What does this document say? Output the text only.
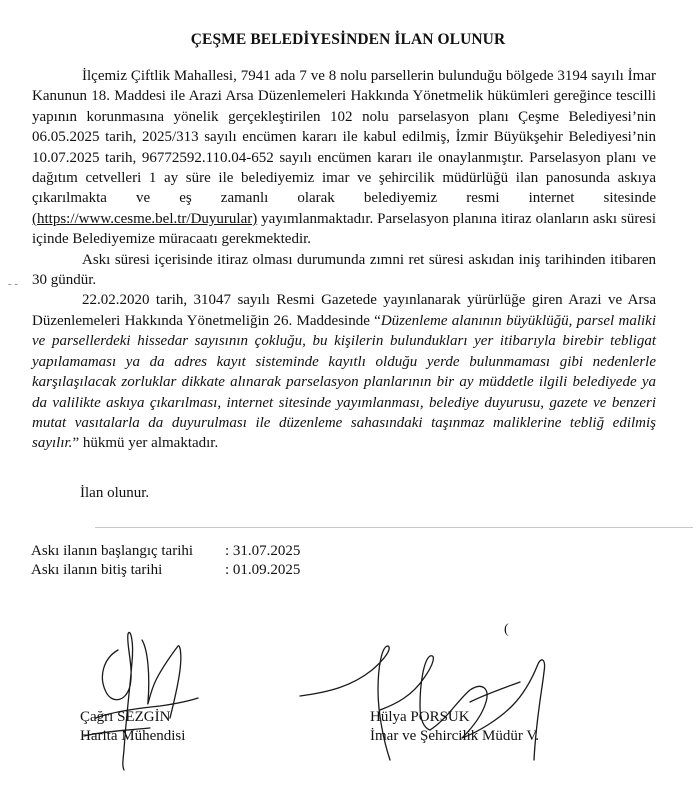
ÇEŞME BELEDİYESİNDEN İLAN OLUNUR
- -

İlçemiz Çiftlik Mahallesi, 7941 ada 7 ve 8 nolu parsellerin bulunduğu bölgede 3194 sayılı İmar Kanunun 18. Maddesi ile Arazi Arsa Düzenlemeleri Hakkında Yönetmelik hükümleri gereğince tescilli yapının korunmasına yönelik gerçekleştirilen 102 nolu parselasyon planı Çeşme Belediyesi’nin 06.05.2025 tarih, 2025/313 sayılı encümen kararı ile kabul edilmiş, İzmir Büyükşehir Belediyesi’nin 10.07.2025 tarih, 96772592.110.04-652 sayılı encümen kararı ile onaylanmıştır. Parselasyon planı ve dağıtım cetvelleri 1 ay süre ile belediyemiz imar ve şehircilik müdürlüğü ilan panosunda askıya çıkarılmakta ve eş zamanlı olarak belediyemiz resmi internet sitesinde (https://www.cesme.bel.tr/Duyurular) yayımlanmaktadır. Parselasyon planına itiraz olanların askı süresi içinde Belediyemize müracaatı gerekmektedir.

Askı süresi içerisinde itiraz olması durumunda zımni ret süresi askıdan iniş tarihinden itibaren 30 gündür.

22.02.2020 tarih, 31047 sayılı Resmi Gazetede yayınlanarak yürürlüğe giren Arazi ve Arsa Düzenlemeleri Hakkında Yönetmeliğin 26. Maddesinde “Düzenleme alanının büyüklüğü, parsel maliki ve parsellerdeki hissedar sayısının çokluğu, bu kişilerin bulundukları yer itibarıyla birebir tebligat yapılamaması ya da adres kayıt sisteminde kayıtlı olduğu yerde bulunmaması gibi nedenlerle karşılaşılacak zorluklar dikkate alınarak parselasyon planlarının bir ay müddetle ilgili belediyede ya da valilikte askıya çıkarılması, internet sitesinde yayımlanması, belediye duyurusu, gazete ve benzeri mutat vasıtalarla da duyurulması ile düzenleme sahasındaki taşınmaz maliklerine tebliğ edilmiş sayılır.” hükmü yer almaktadır.

İlan olunur.
Askı ilanın başlangıç tarihi	: 31.07.2025
Askı ilanın bitiş tarihi	: 01.09.2025
(
Çağrı SEZGİN
Harita Mühendisi
Hülya PORSUK
İmar ve Şehircilik Müdür V.
